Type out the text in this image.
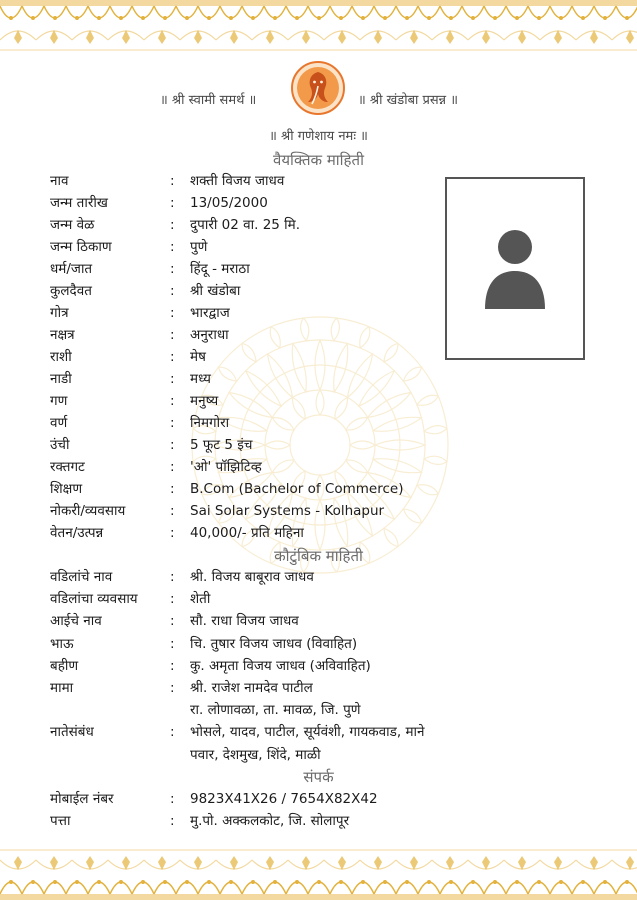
॥ श्री स्वामी समर्थ ॥	॥ श्री खंडोबा प्रसन्न ॥
॥ श्री गणेशाय नमः ॥
वैयक्तिक माहिती
कौटुंबिक माहिती
संपर्क
नाव	: शक्ती विजय जाधव
जन्म तारीख	: 13/05/2000
जन्म वेळ	: दुपारी 02 वा. 25 मि.
जन्म ठिकाण	: पुणे
धर्म/जात	: हिंदू - मराठा
कुलदैवत	: श्री खंडोबा
गोत्र	: भारद्वाज
नक्षत्र	: अनुराधा
राशी	: मेष
नाडी	: मध्य
गण	: मनुष्य
वर्ण	: निमगोरा
उंची	: 5 फूट 5 इंच
रक्तगट	: 'ओ' पॉझिटिव्ह
शिक्षण	: B.Com (Bachelor of Commerce)
नोकरी/व्यवसाय	: Sai Solar Systems - Kolhapur
वेतन/उत्पन्न	: 40,000/- प्रति महिना
वडिलांचे नाव	: श्री. विजय बाबूराव जाधव
वडिलांचा व्यवसाय	: शेती
आईचे नाव	: सौ. राधा विजय जाधव
भाऊ	: चि. तुषार विजय जाधव (विवाहित)
बहीण	: कु. अमृता विजय जाधव (अविवाहित)
मामा	: श्री. राजेश नामदेव पाटील
रा. लोणावळा, ता. मावळ, जि. पुणे
नातेसंबंध	: भोसले, यादव, पाटील, सूर्यवंशी, गायकवाड, माने
पवार, देशमुख, शिंदे, माळी
मोबाईल नंबर	: 9823X41X26 / 7654X82X42
पत्ता	: मु.पो. अक्कलकोट, जि. सोलापूर
